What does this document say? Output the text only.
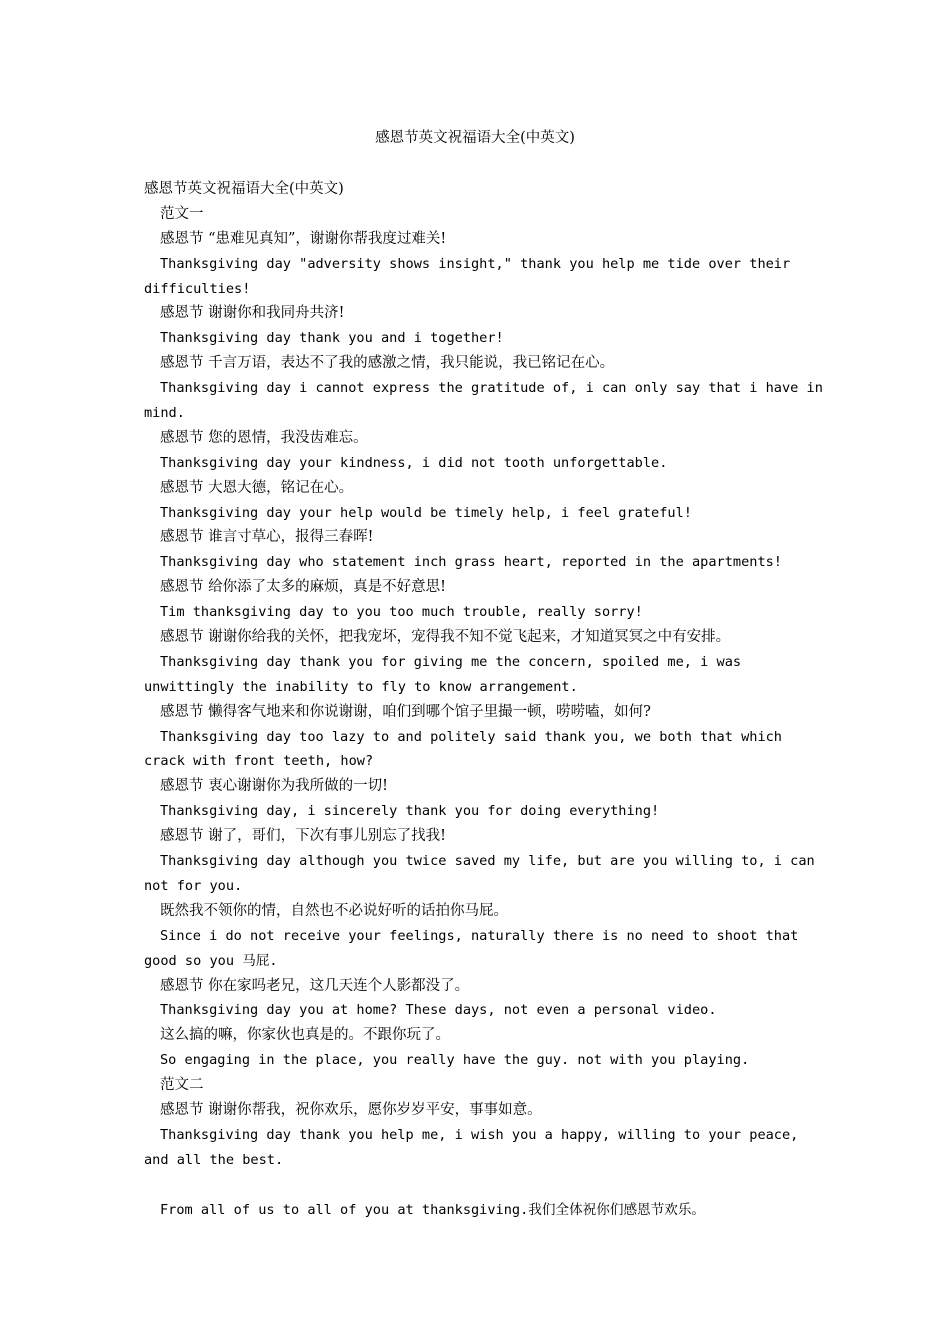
感恩节英文祝福语大全(中英文)
感恩节英文祝福语大全(中英文)
范文一
感恩节 “患难见真知”，谢谢你帮我度过难关!
Thanksgiving day "adversity shows insight," thank you help me tide over their
difficulties!
感恩节 谢谢你和我同舟共济!
Thanksgiving day thank you and i together!
感恩节 千言万语，表达不了我的感激之情，我只能说，我已铭记在心。
Thanksgiving day i cannot express the gratitude of, i can only say that i have in
mind.
感恩节 您的恩情，我没齿难忘。
Thanksgiving day your kindness, i did not tooth unforgettable.
感恩节 大恩大德，铭记在心。
Thanksgiving day your help would be timely help, i feel grateful!
感恩节 谁言寸草心，报得三春晖!
Thanksgiving day who statement inch grass heart, reported in the apartments!
感恩节 给你添了太多的麻烦，真是不好意思!
Tim thanksgiving day to you too much trouble, really sorry!
感恩节 谢谢你给我的关怀，把我宠坏，宠得我不知不觉飞起来，才知道冥冥之中有安排。
Thanksgiving day thank you for giving me the concern, spoiled me, i was
unwittingly the inability to fly to know arrangement.
感恩节 懒得客气地来和你说谢谢，咱们到哪个馆子里撮一顿，唠唠嗑，如何?
Thanksgiving day too lazy to and politely said thank you, we both that which
crack with front teeth, how?
感恩节 衷心谢谢你为我所做的一切!
Thanksgiving day, i sincerely thank you for doing everything!
感恩节 谢了，哥们，下次有事儿别忘了找我!
Thanksgiving day although you twice saved my life, but are you willing to, i can
not for you.
既然我不领你的情，自然也不必说好听的话拍你马屁。
Since i do not receive your feelings, naturally there is no need to shoot that
good so you 马屁.
感恩节 你在家吗老兄，这几天连个人影都没了。
Thanksgiving day you at home? These days, not even a personal video.
这么搞的嘛，你家伙也真是的。不跟你玩了。
So engaging in the place, you really have the guy. not with you playing.
范文二
感恩节 谢谢你帮我，祝你欢乐，愿你岁岁平安，事事如意。
Thanksgiving day thank you help me, i wish you a happy, willing to your peace,
and all the best.
From all of us to all of you at thanksgiving.我们全体祝你们感恩节欢乐。
